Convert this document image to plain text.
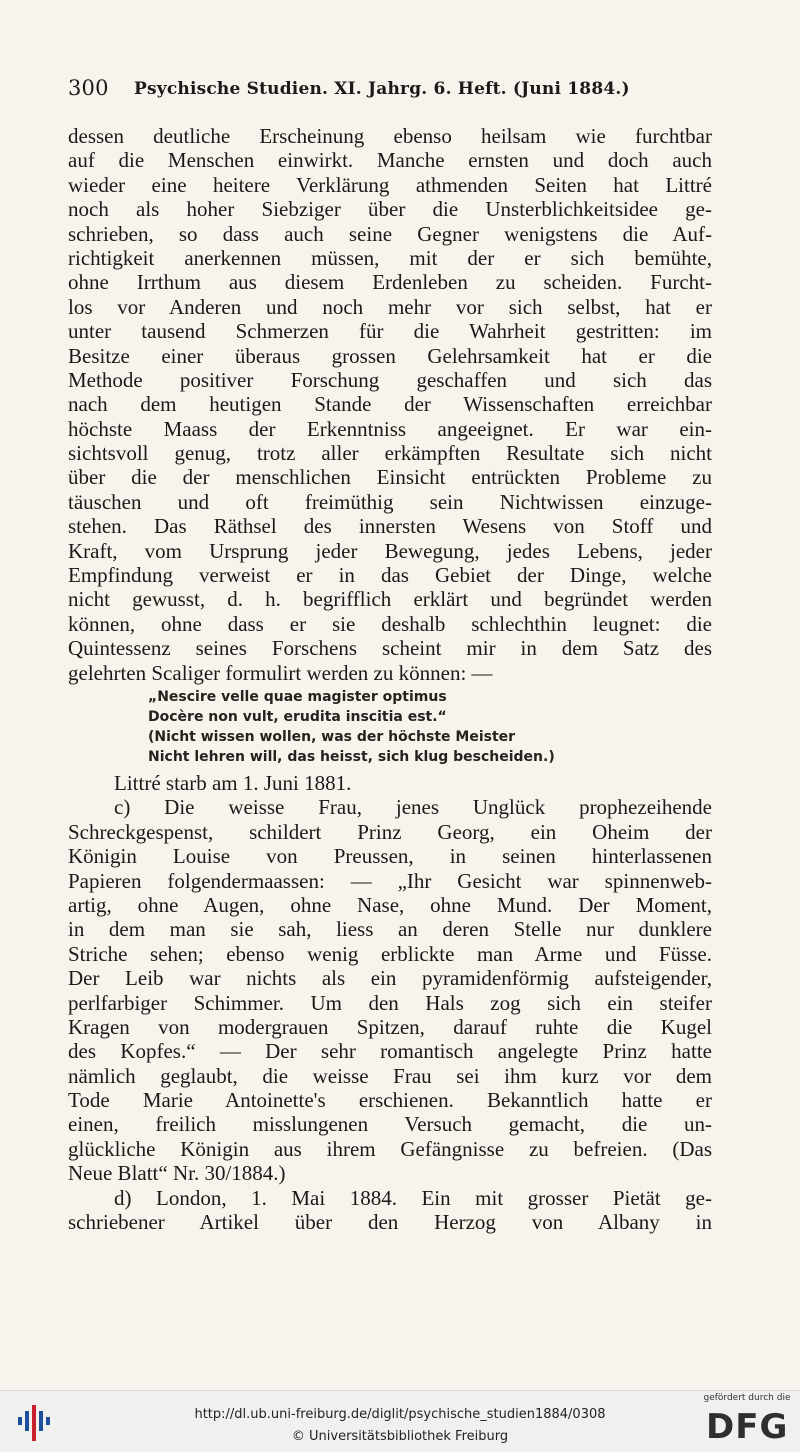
300 Psychische Studien. XI. Jahrg. 6. Heft. (Juni 1884.)
dessen deutliche Erscheinung ebenso heilsam wie furchtbar
auf die Menschen einwirkt. Manche ernsten und doch auch
wieder eine heitere Verklärung athmenden Seiten hat Littré
noch als hoher Siebziger über die Unsterblichkeitsidee ge-
schrieben, so dass auch seine Gegner wenigstens die Auf-
richtigkeit anerkennen müssen, mit der er sich bemühte,
ohne Irrthum aus diesem Erdenleben zu scheiden. Furcht-
los vor Anderen und noch mehr vor sich selbst, hat er
unter tausend Schmerzen für die Wahrheit gestritten: im
Besitze einer überaus grossen Gelehrsamkeit hat er die
Methode positiver Forschung geschaffen und sich das
nach dem heutigen Stande der Wissenschaften erreichbar
höchste Maass der Erkenntniss angeeignet. Er war ein-
sichtsvoll genug, trotz aller erkämpften Resultate sich nicht
über die der menschlichen Einsicht entrückten Probleme zu
täuschen und oft freimüthig sein Nichtwissen einzuge-
stehen. Das Räthsel des innersten Wesens von Stoff und
Kraft, vom Ursprung jeder Bewegung, jedes Lebens, jeder
Empfindung verweist er in das Gebiet der Dinge, welche
nicht gewusst, d. h. begrifflich erklärt und begründet werden
können, ohne dass er sie deshalb schlechthin leugnet: die
Quintessenz seines Forschens scheint mir in dem Satz des
gelehrten Scaliger formulirt werden zu können: —
„Nescire velle quae magister optimus
Docère non vult, erudita inscitia est.“
(Nicht wissen wollen, was der höchste Meister
Nicht lehren will, das heisst, sich klug bescheiden.)
Littré starb am 1. Juni 1881.
c) Die weisse Frau, jenes Unglück prophezeihende
Schreckgespenst, schildert Prinz Georg, ein Oheim der
Königin Louise von Preussen, in seinen hinterlassenen
Papieren folgendermaassen: — „Ihr Gesicht war spinnenweb-
artig, ohne Augen, ohne Nase, ohne Mund. Der Moment,
in dem man sie sah, liess an deren Stelle nur dunklere
Striche sehen; ebenso wenig erblickte man Arme und Füsse.
Der Leib war nichts als ein pyramidenförmig aufsteigender,
perlfarbiger Schimmer. Um den Hals zog sich ein steifer
Kragen von modergrauen Spitzen, darauf ruhte die Kugel
des Kopfes.“ — Der sehr romantisch angelegte Prinz hatte
nämlich geglaubt, die weisse Frau sei ihm kurz vor dem
Tode Marie Antoinette's erschienen. Bekanntlich hatte er
einen, freilich misslungenen Versuch gemacht, die un-
glückliche Königin aus ihrem Gefängnisse zu befreien. (Das
Neue Blatt“ Nr. 30/1884.)
d) London, 1. Mai 1884. Ein mit grosser Pietät ge-
schriebener Artikel über den Herzog von Albany in
http://dl.ub.uni-freiburg.de/diglit/psychische_studien1884/0308
© Universitätsbibliothek Freiburg
gefördert durch die
DFG
